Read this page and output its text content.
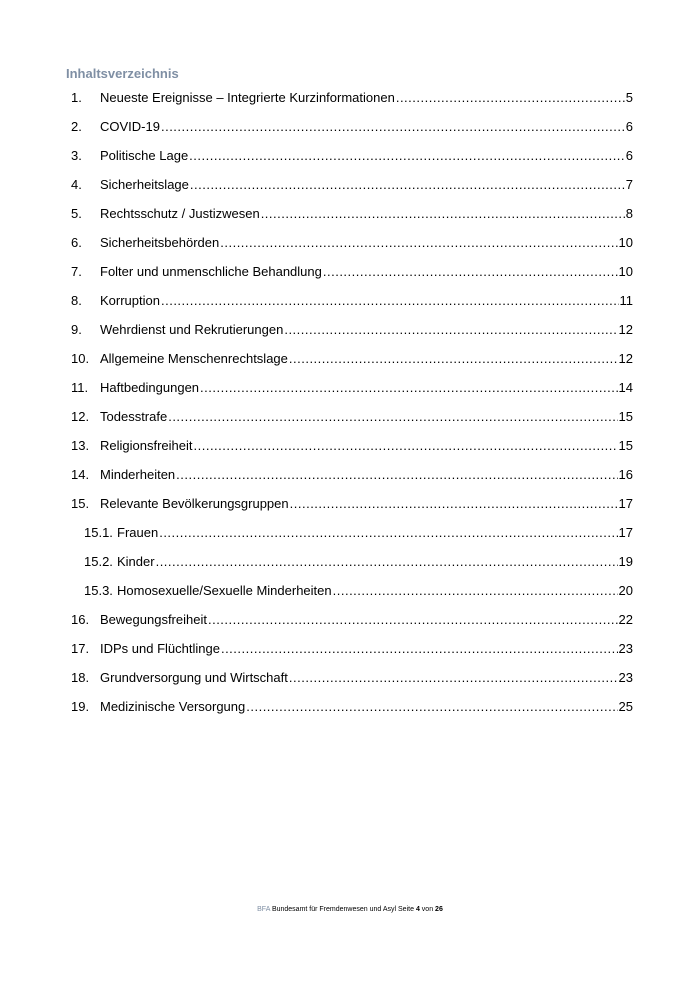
Inhaltsverzeichnis
1. Neueste Ereignisse – Integrierte Kurzinformationen .....	5
2. COVID-19 .....	6
3. Politische Lage .....	6
4. Sicherheitslage .....	7
5. Rechtsschutz / Justizwesen .....	8
6. Sicherheitsbehörden .....	10
7. Folter und unmenschliche Behandlung .....	10
8. Korruption .....	11
9. Wehrdienst und Rekrutierungen .....	12
10. Allgemeine Menschenrechtslage .....	12
11. Haftbedingungen .....	14
12. Todesstrafe .....	15
13. Religionsfreiheit .....	15
14. Minderheiten .....	16
15. Relevante Bevölkerungsgruppen .....	17
15.1. Frauen .....	17
15.2. Kinder .....	19
15.3. Homosexuelle/Sexuelle Minderheiten .....	20
16. Bewegungsfreiheit .....	22
17. IDPs und Flüchtlinge .....	23
18. Grundversorgung und Wirtschaft .....	23
19. Medizinische Versorgung .....	25
BFA Bundesamt für Fremdenwesen und Asyl Seite 4 von 26
